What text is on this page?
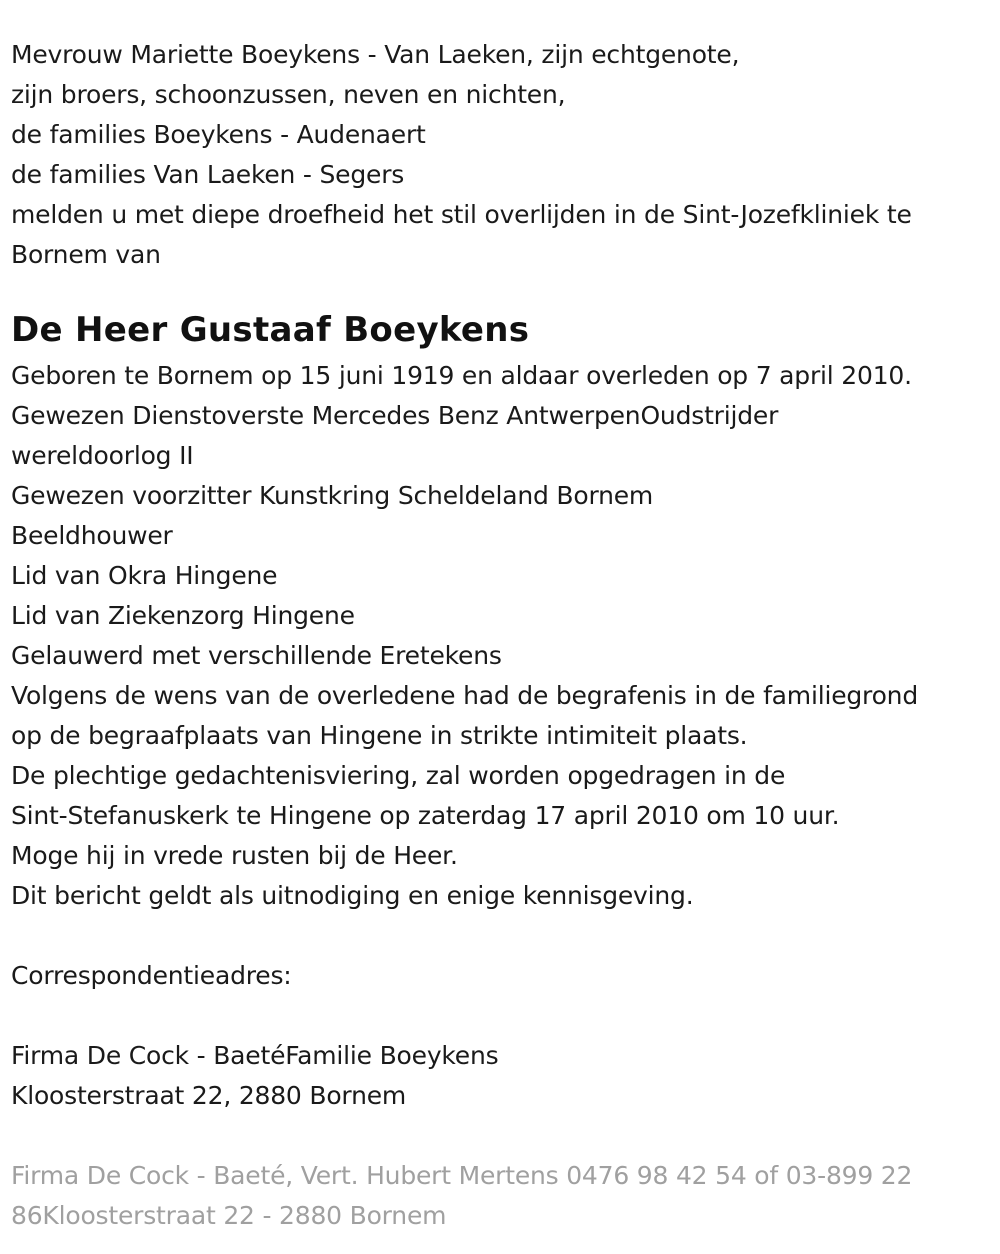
Mevrouw Mariette Boeykens - Van Laeken, zijn echtgenote,
zijn broers, schoonzussen, neven en nichten,
de families Boeykens - Audenaert
de families Van Laeken - Segers
melden u met diepe droefheid het stil overlijden in de Sint-Jozefkliniek te
Bornem van
De Heer Gustaaf Boeykens
Geboren te Bornem op 15 juni 1919 en aldaar overleden op 7 april 2010.
Gewezen Dienstoverste Mercedes Benz AntwerpenOudstrijder
wereldoorlog II
Gewezen voorzitter Kunstkring Scheldeland Bornem
Beeldhouwer
Lid van Okra Hingene
Lid van Ziekenzorg Hingene
Gelauwerd met verschillende Eretekens
Volgens de wens van de overledene had de begrafenis in de familiegrond
op de begraafplaats van Hingene in strikte intimiteit plaats.
De plechtige gedachtenisviering, zal worden opgedragen in de
Sint-Stefanuskerk te Hingene op zaterdag 17 april 2010 om 10 uur.
Moge hij in vrede rusten bij de Heer.
Dit bericht geldt als uitnodiging en enige kennisgeving.
Correspondentieadres:
Firma De Cock - BaetéFamilie Boeykens
Kloosterstraat 22, 2880 Bornem
Firma De Cock - Baeté, Vert. Hubert Mertens 0476 98 42 54 of 03-899 22
86Kloosterstraat 22 - 2880 Bornem
